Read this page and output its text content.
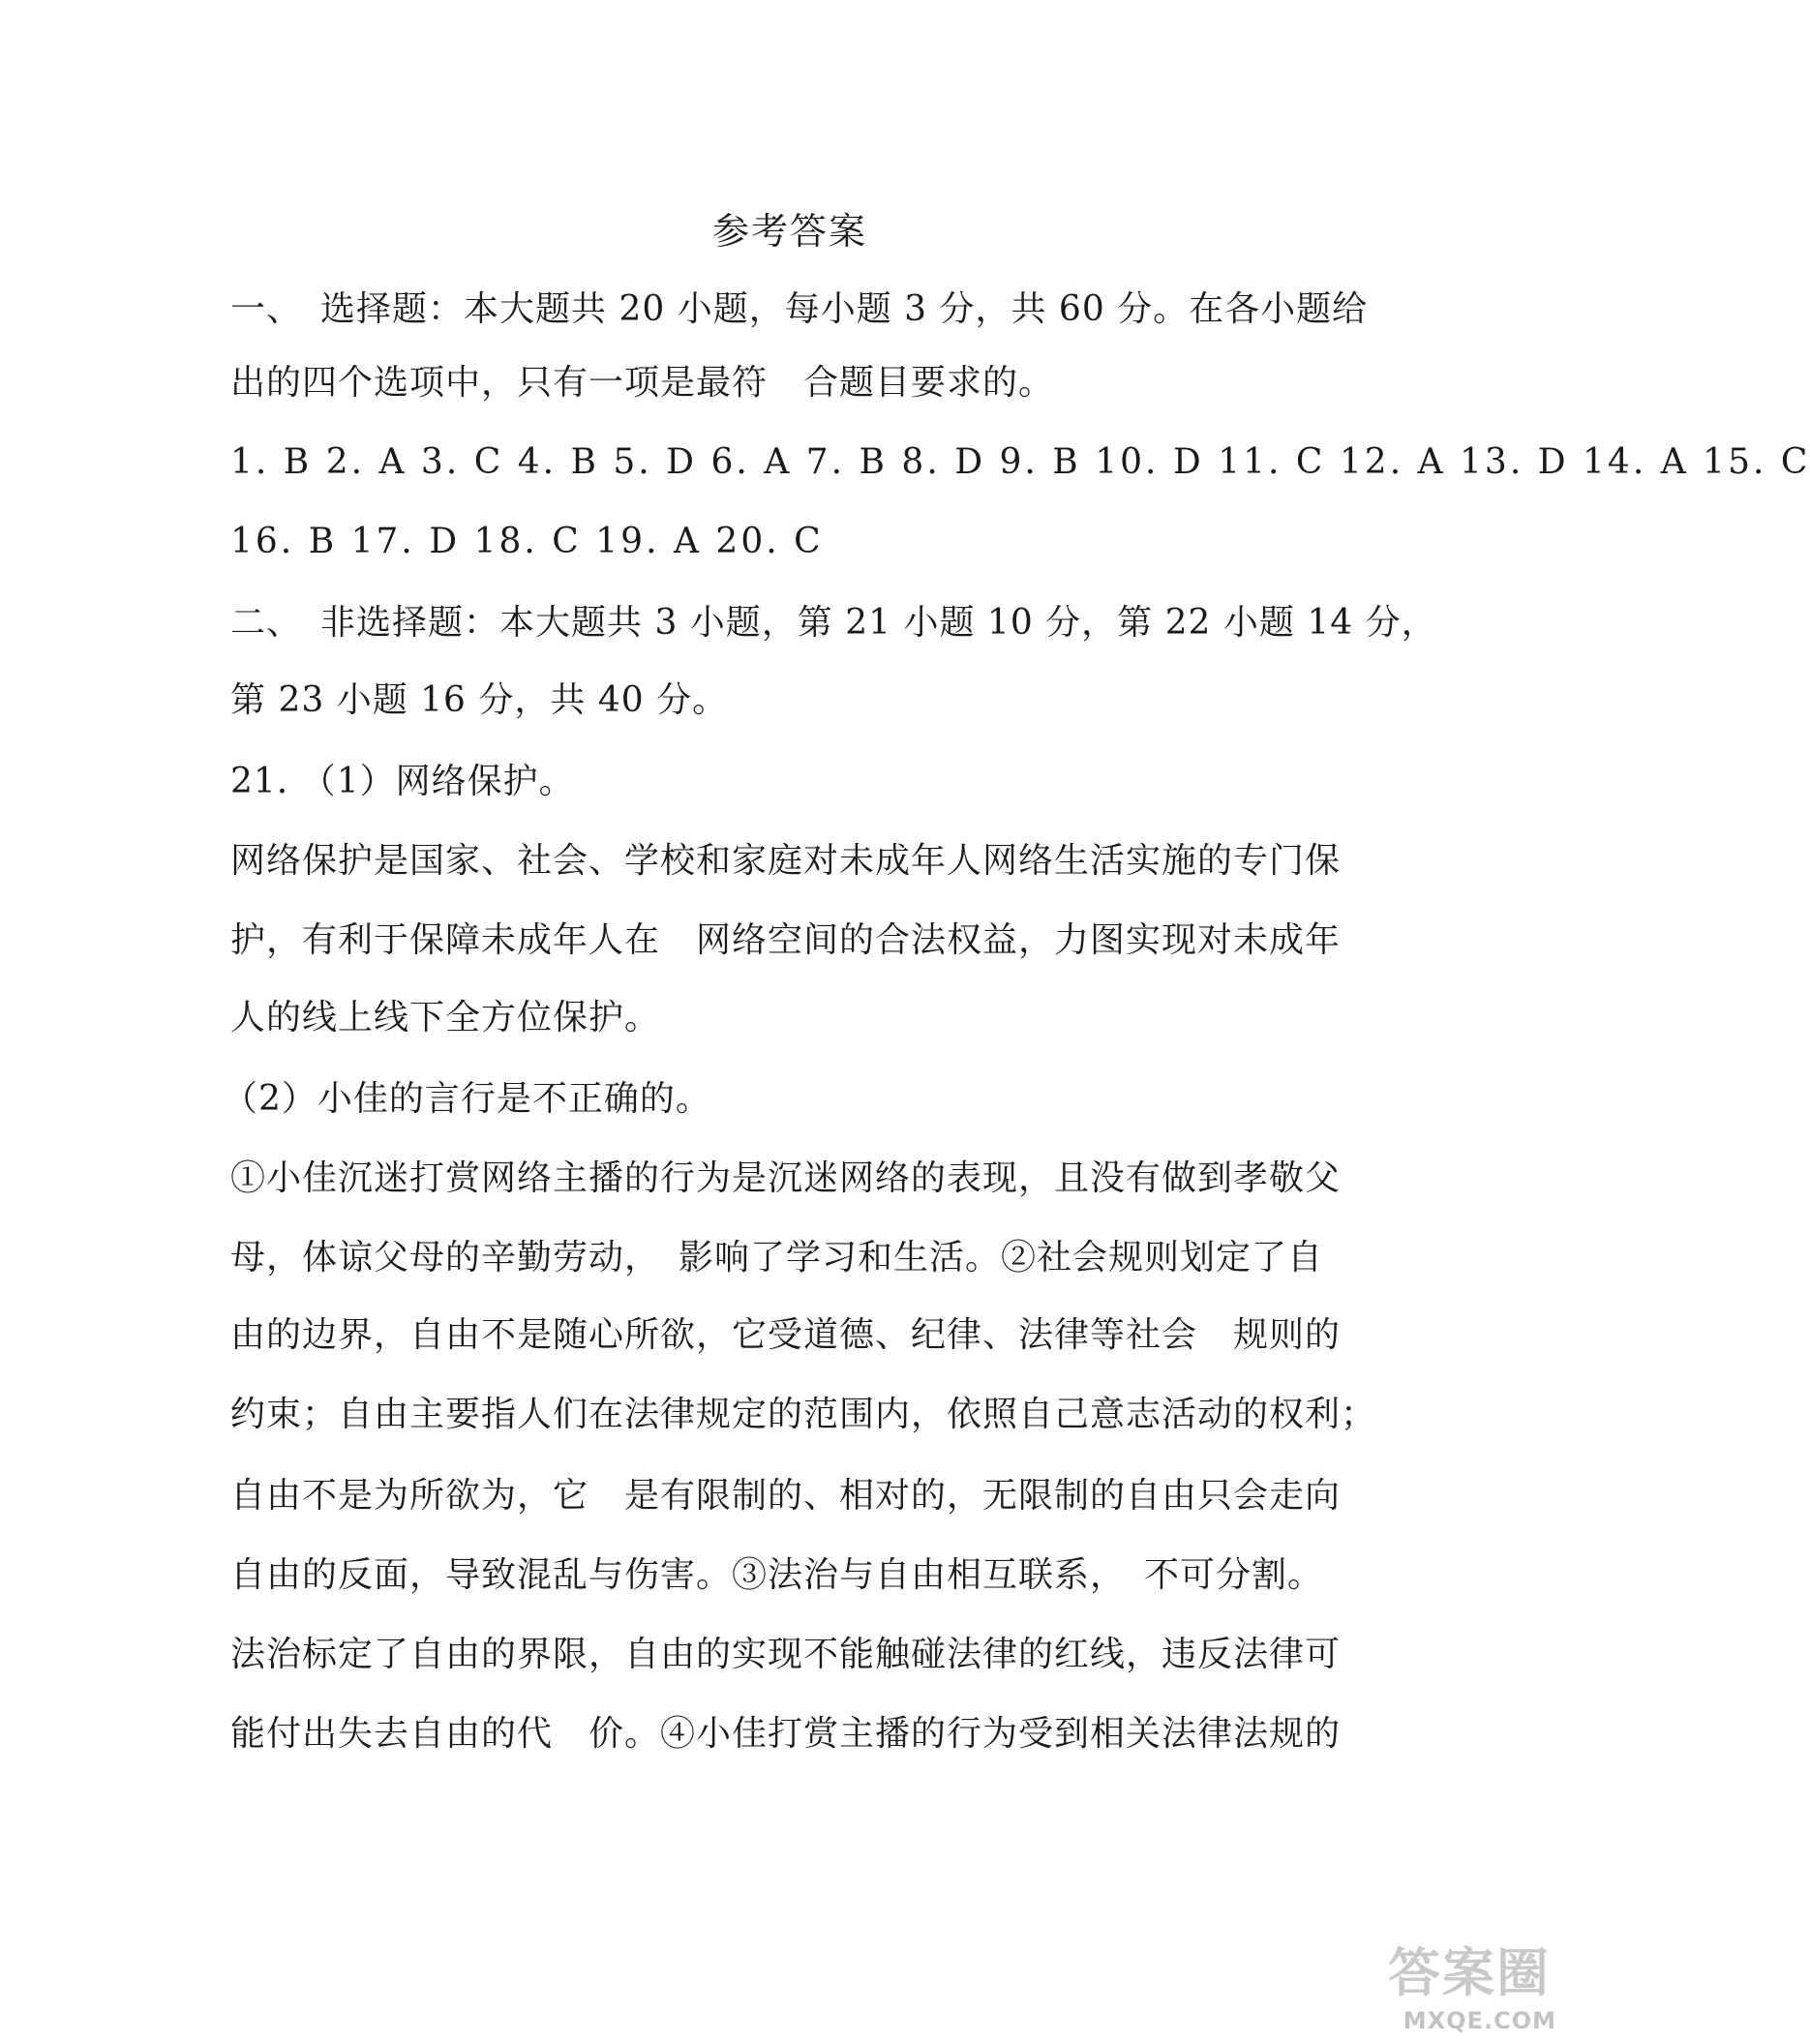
参考答案
一、　选择题：本大题共 20 小题，每小题 3 分，共 60 分。在各小题给
出的四个选项中，只有一项是最符　合题目要求的。
1. B 2. A 3. C 4. B 5. D 6. A 7. B 8. D 9. B 10. D 11. C 12. A 13. D 14. A 15. C
16. B 17. D 18. C 19. A 20. C
二、　非选择题：本大题共 3 小题，第 21 小题 10 分，第 22 小题 14 分，
第 23 小题 16 分，共 40 分。
21. （1）网络保护。
网络保护是国家、社会、学校和家庭对未成年人网络生活实施的专门保
护，有利于保障未成年人在　网络空间的合法权益，力图实现对未成年
人的线上线下全方位保护。
（2）小佳的言行是不正确的。
①小佳沉迷打赏网络主播的行为是沉迷网络的表现，且没有做到孝敬父
母，体谅父母的辛勤劳动，　影响了学习和生活。②社会规则划定了自
由的边界，自由不是随心所欲，它受道德、纪律、法律等社会　规则的
约束；自由主要指人们在法律规定的范围内，依照自己意志活动的权利；
自由不是为所欲为，它　是有限制的、相对的，无限制的自由只会走向
自由的反面，导致混乱与伤害。③法治与自由相互联系，　不可分割。
法治标定了自由的界限，自由的实现不能触碰法律的红线，违反法律可
能付出失去自由的代　价。④小佳打赏主播的行为受到相关法律法规的
答案圈
MXQE.COM
